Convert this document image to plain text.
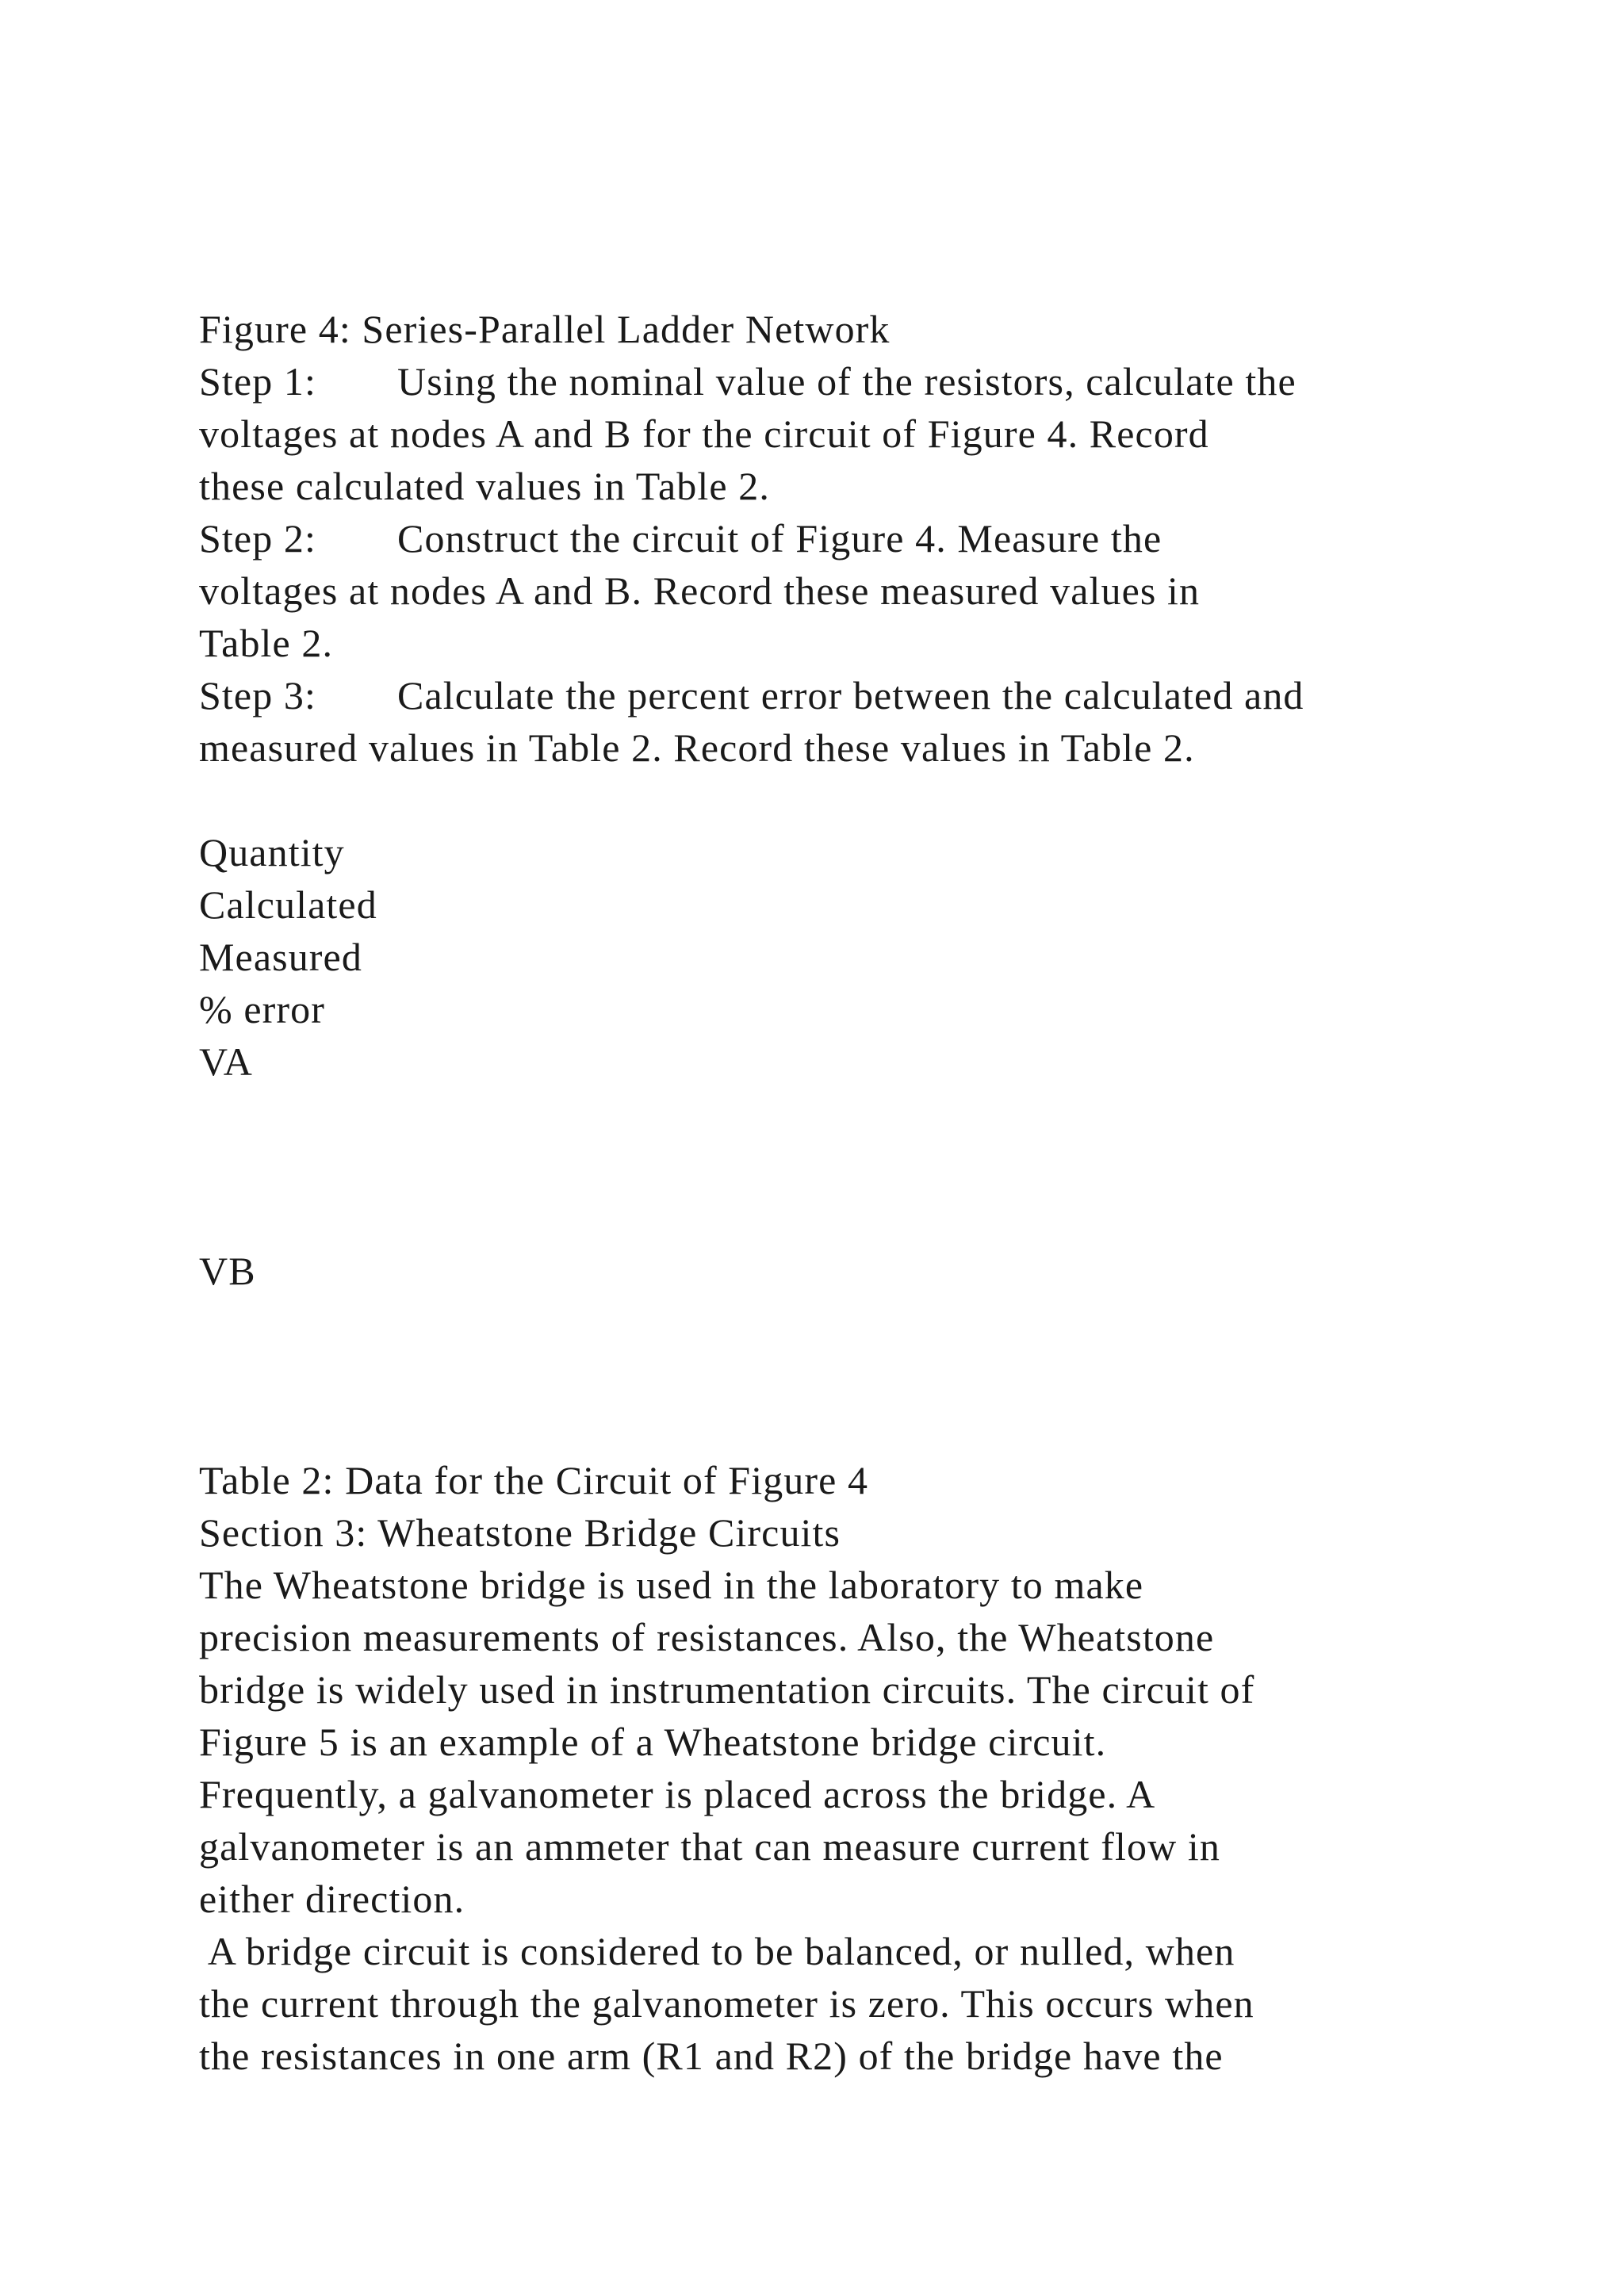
Figure 4: Series-Parallel Ladder Network

Step 1: Using the nominal value of the resistors, calculate the

voltages at nodes A and B for the circuit of Figure 4. Record

these calculated values in Table 2.

Step 2: Construct the circuit of Figure 4. Measure the

voltages at nodes A and B. Record these measured values in

Table 2.

Step 3: Calculate the percent error between the calculated and

measured values in Table 2. Record these values in Table 2.

Quantity

Calculated

Measured

% error

VA

VB

Table 2: Data for the Circuit of Figure 4

Section 3: Wheatstone Bridge Circuits

The Wheatstone bridge is used in the laboratory to make

precision measurements of resistances. Also, the Wheatstone

bridge is widely used in instrumentation circuits. The circuit of

Figure 5 is an example of a Wheatstone bridge circuit.

Frequently, a galvanometer is placed across the bridge. A

galvanometer is an ammeter that can measure current flow in

either direction.

A bridge circuit is considered to be balanced, or nulled, when

the current through the galvanometer is zero. This occurs when

the resistances in one arm (R1 and R2) of the bridge have the
